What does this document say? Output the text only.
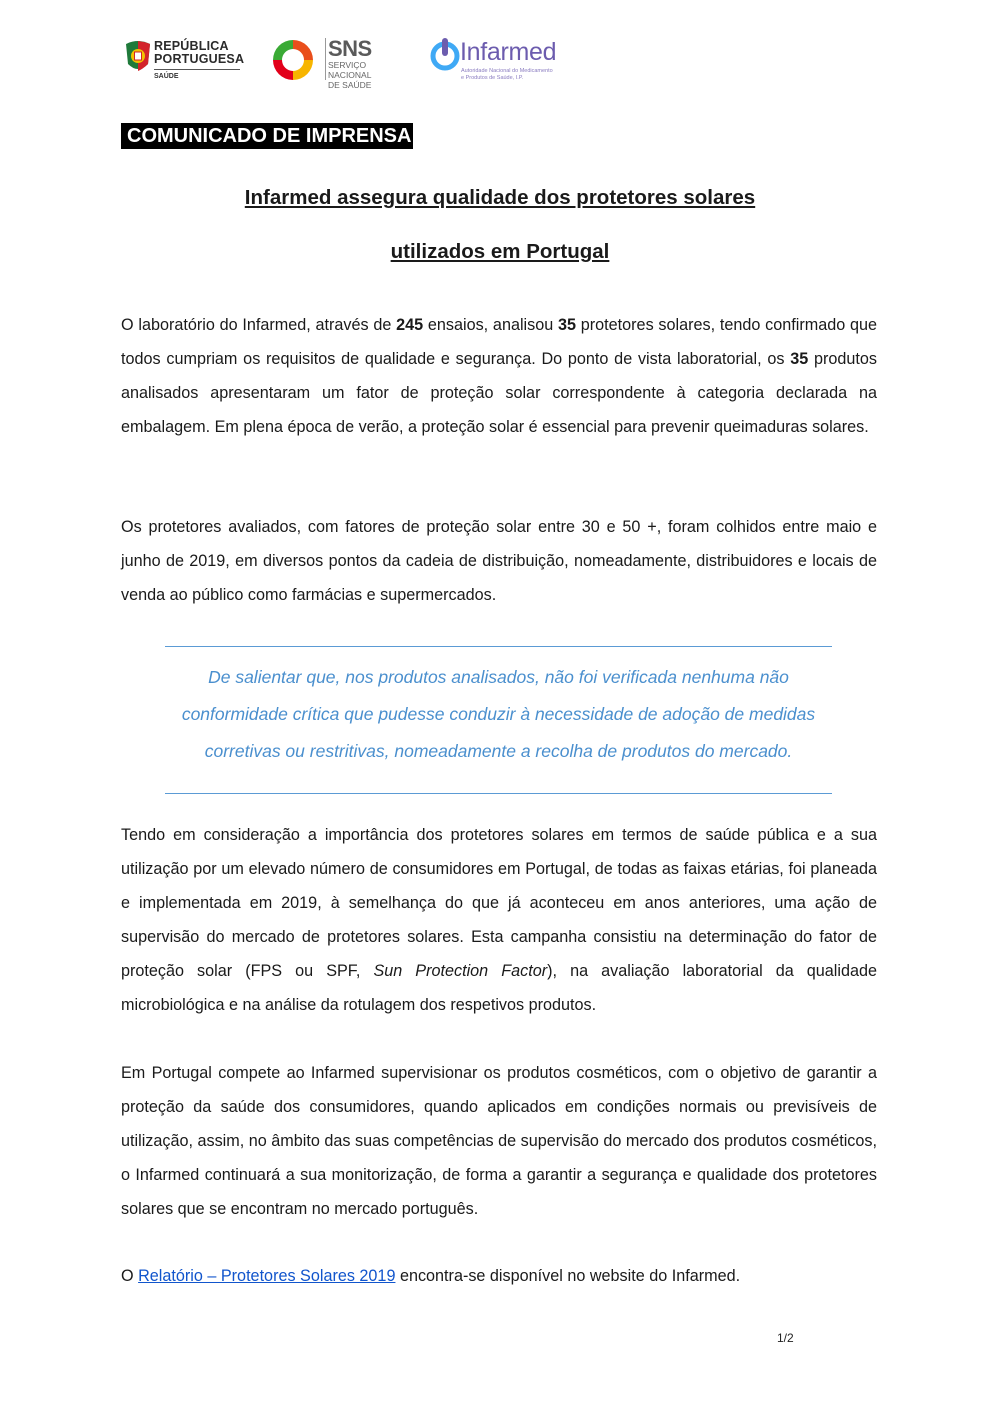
REPÚBLICA
PORTUGUESA
SAÚDE
SNS
SERVIÇO NACIONAL
DE SAÚDE
Infarmed
Autoridade Nacional do Medicamento
e Produtos de Saúde, I.P.
COMUNICADO DE IMPRENSA
Infarmed assegura qualidade dos protetores solares
utilizados em Portugal

O laboratório do Infarmed, através de 245 ensaios, analisou 35 protetores solares, tendo confirmado que todos cumpriam os requisitos de qualidade e segurança. Do ponto de vista laboratorial, os 35 produtos analisados apresentaram um fator de proteção solar correspondente à categoria declarada na embalagem. Em plena época de verão, a proteção solar é essencial para prevenir queimaduras solares.

Os protetores avaliados, com fatores de proteção solar entre 30 e 50 +, foram colhidos entre maio e junho de 2019, em diversos pontos da cadeia de distribuição, nomeadamente, distribuidores e locais de venda ao público como farmácias e supermercados.

De salientar que, nos produtos analisados, não foi verificada nenhuma não conformidade crítica que pudesse conduzir à necessidade de adoção de medidas corretivas ou restritivas, nomeadamente a recolha de produtos do mercado.

Tendo em consideração a importância dos protetores solares em termos de saúde pública e a sua utilização por um elevado número de consumidores em Portugal, de todas as faixas etárias, foi planeada e implementada em 2019, à semelhança do que já aconteceu em anos anteriores, uma ação de supervisão do mercado de protetores solares. Esta campanha consistiu na determinação do fator de proteção solar (FPS ou SPF, Sun Protection Factor), na avaliação laboratorial da qualidade microbiológica e na análise da rotulagem dos respetivos produtos.

Em Portugal compete ao Infarmed supervisionar os produtos cosméticos, com o objetivo de garantir a proteção da saúde dos consumidores, quando aplicados em condições normais ou previsíveis de utilização, assim, no âmbito das suas competências de supervisão do mercado dos produtos cosméticos, o Infarmed continuará a sua monitorização, de forma a garantir a segurança e qualidade dos protetores solares que se encontram no mercado português.

O Relatório – Protetores Solares 2019 encontra-se disponível no website do Infarmed.

1/2
